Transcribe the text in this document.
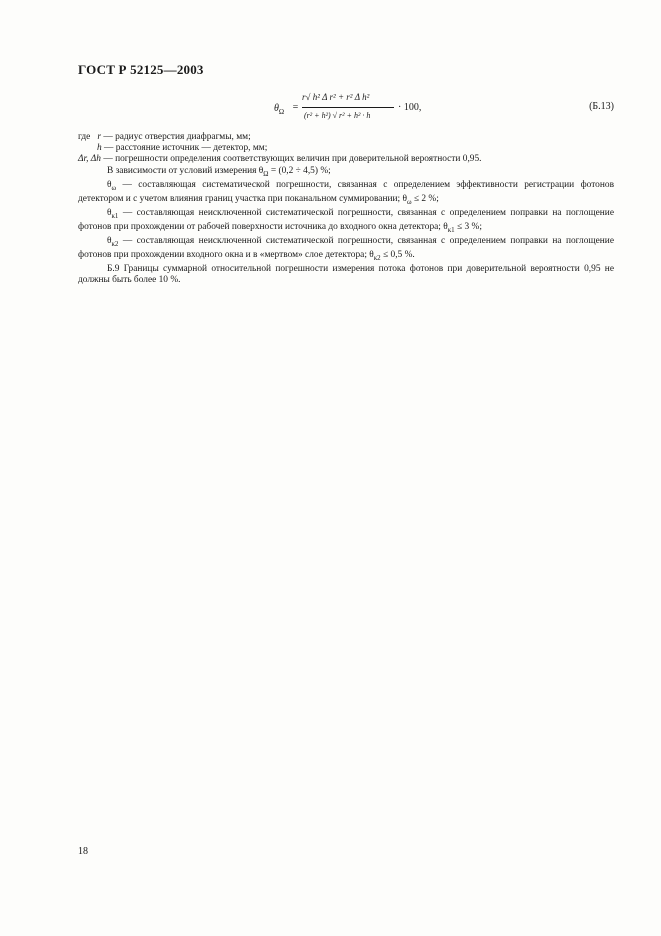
ГОСТ Р 52125—2003
$\theta_\Omega$ =
r√ h² Δ r² + r² Δ h²
(r² + h²) √ r² + h² · h
· 100,	(Б.13)

где r — радиус отверстия диафрагмы, мм;

h — расстояние источник — детектор, мм;

Δr, Δh — погрешности определения соответствующих величин при доверительной вероятности 0,95.

В зависимости от условий измерения $\theta_\Omega = (0,2 \div 4,5)$ %;

$\theta_\omega$ — составляющая систематической погрешности, связанная с определением эффективности регистрации фотонов детектором и с учетом влияния границ участка при поканальном суммировании; $\theta_\omega \le 2$ %;

$\theta_{к1}$ — составляющая неисключенной систематической погрешности, связанная с определением поправки на поглощение фотонов при прохождении от рабочей поверхности источника до входного окна детектора; $\theta_{к1} \le 3$ %;

$\theta_{к2}$ — составляющая неисключенной систематической погрешности, связанная с определением поправки на поглощение фотонов при прохождении входного окна и в «мертвом» слое детектора; $\theta_{к2} \le 0,5$ %.

Б.9 Границы суммарной относительной погрешности измерения потока фотонов при доверительной вероятности 0,95 не должны быть более 10 %.

18
